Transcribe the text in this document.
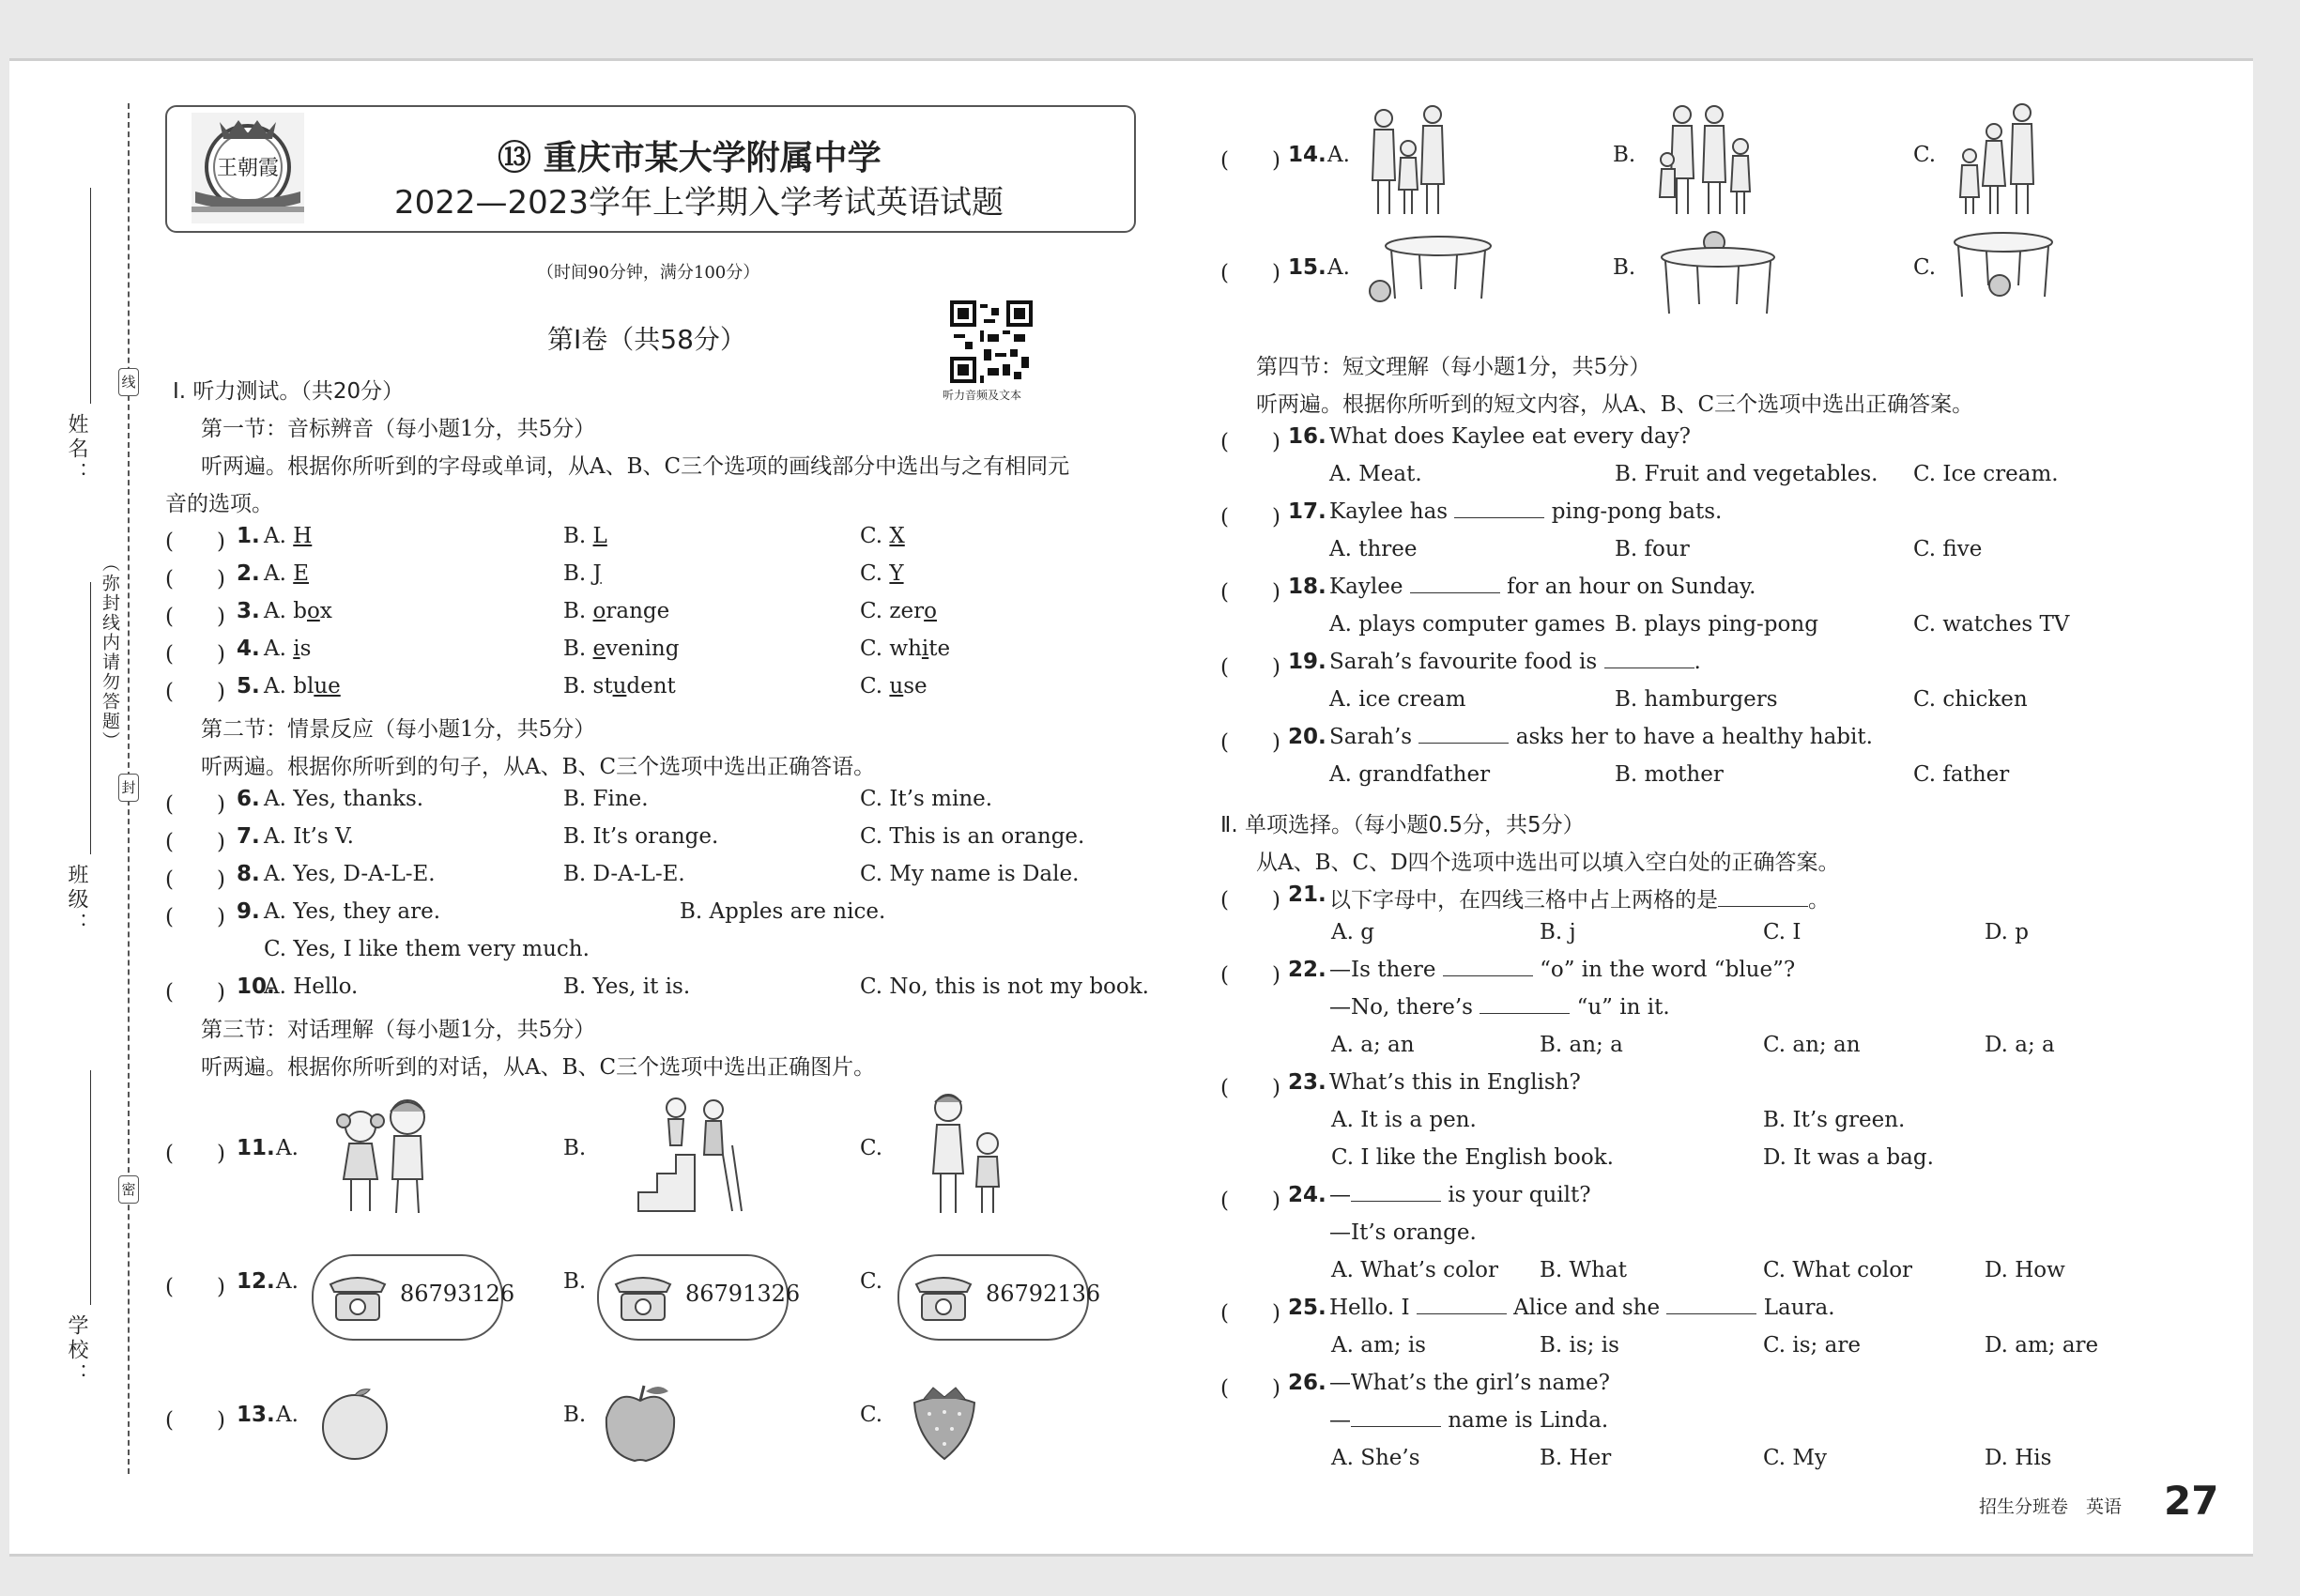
姓名：
班级：
学校：
线
封
密
（弥封线内请勿答题）
王朝霞	⑬ 重庆市某大学附属中学
2022—2023学年上学期入学考试英语试题
（时间90分钟，满分100分）
第Ⅰ卷（共58分）
听力音频及文本
Ⅰ. 听力测试。（共20分）
第一节：音标辨音（每小题1分，共5分）
听两遍。根据你所听到的字母或单词，从A、B、C三个选项的画线部分中选出与之有相同元
音的选项。
(　　) 1. A. H	B. L	C. X
(　　) 2. A. E	B. J	C. Y
(　　) 3. A. box	B. orange	C. zero
(　　) 4. A. is	B. evening	C. white
(　　) 5. A. blue	B. student	C. use
第二节：情景反应（每小题1分，共5分）
听两遍。根据你所听到的句子，从A、B、C三个选项中选出正确答语。
(　　) 6. A. Yes, thanks.	B. Fine.	C. It’s mine.
(　　) 7. A. It’s V.	B. It’s orange.	C. This is an orange.
(　　) 8. A. Yes, D-A-L-E.	B. D-A-L-E.	C. My name is Dale.
(　　) 9. A. Yes, they are.	B. Apples are nice.
C. Yes, I like them very much.
(　　) 10.
A. Hello.	B. Yes, it is.	C. No, this is not my book.
第三节：对话理解（每小题1分，共5分）
听两遍。根据你所听到的对话，从A、B、C三个选项中选出正确图片。
(　　) 11. A.	B.	C.
(　　) 12. A.	86793126 B.	86791326	C.	86792136
(　　) 13. A.	B.	C.
(　　) 14. A.	B.	C.
(　　) 15. A.	B.	C.
第四节：短文理解（每小题1分，共5分）
听两遍。根据你所听到的短文内容，从A、B、C三个选项中选出正确答案。
(　　) 16. What does Kaylee eat every day?
A. Meat.	B. Fruit and vegetables. C. Ice cream.
(　　) 17. Kaylee has	ping-pong bats.
A. three	B. four	C. five
(　　) 18. Kaylee	for an hour on Sunday.
A. plays computer games B. plays ping-pong	C. watches TV
(　　) 19. Sarah’s favourite food is	.
A. ice cream	B. hamburgers	C. chicken
(　　) 20. Sarah’s	asks her to have a healthy habit.
A. grandfather	B. mother	C. father
Ⅱ. 单项选择。（每小题0.5分，共5分）
从A、B、C、D四个选项中选出可以填入空白处的正确答案。
(　　) 21. 以下字母中，在四线三格中占上两格的是	。
A. g	B. j	C. I	D. p
(　　) 22. —Is there	“o” in the word “blue”?
—No, there’s	“u” in it.
A. a; an	B. an; a	C. an; an	D. a; a
(　　) 23. What’s this in English?
A. It is a pen.	B. It’s green.
C. I like the English book.	D. It was a bag.
(　　) 24. —	is your quilt?
—It’s orange.
A. What’s color B. What	C. What color	D. How
(　　) 25. Hello. I	Alice and she	Laura.
A. am; is	B. is; is	C. is; are	D. am; are
(　　) 26. —What’s the girl’s name?
—	name is Linda.
A. She’s	B. Her	C. My	D. His
招生分班卷　英语 27
